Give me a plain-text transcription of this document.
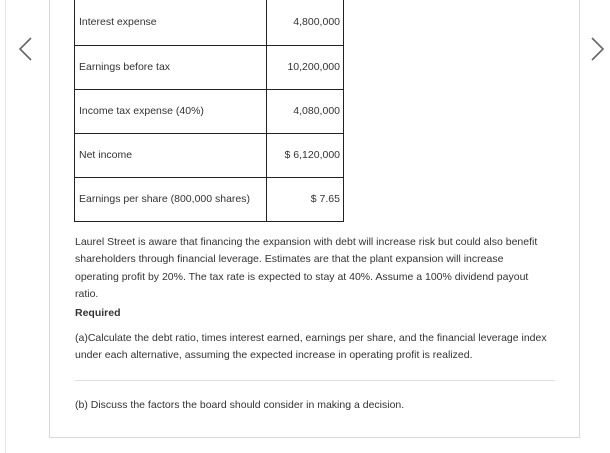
Interest expense	4,800,000
Earnings before tax	10,200,000
Income tax expense (40%)	4,080,000
Net income	$ 6,120,000
Earnings per share (800,000 shares)	$ 7.65
Laurel Street is aware that financing the expansion with debt will increase risk but could also benefit shareholders through financial leverage. Estimates are that the plant expansion will increase operating profit by 20%. The tax rate is expected to stay at 40%. Assume a 100% dividend payout ratio.
Required
(a)Calculate the debt ratio, times interest earned, earnings per share, and the financial leverage index under each alternative, assuming the expected increase in operating profit is realized.
(b) Discuss the factors the board should consider in making a decision.
